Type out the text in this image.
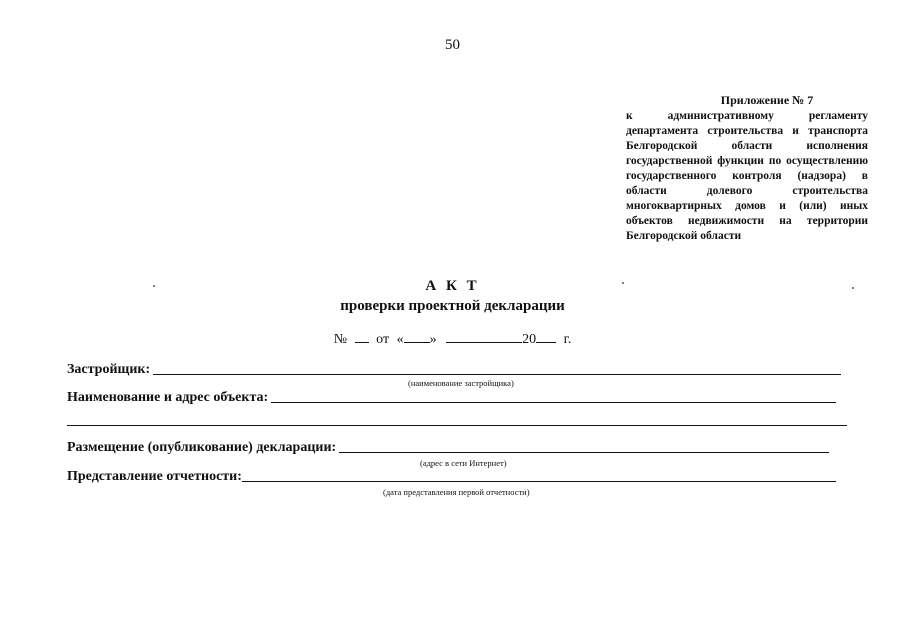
50
Приложение № 7
к административному регламенту департамента строительства и транспорта Белгородской области исполнения государственной функции по осуществлению государственного контроля (надзора) в области долевого строительства многоквартирных домов и (или) иных объектов недвижимости на территории Белгородской области
А К Т
проверки проектной декларации
№ от « »	20 г.
Застройщик:
(наименование застройщика)
Наименование и адрес объекта:
Размещение (опубликование) декларации:
(адрес в сети Интернет)
Представление отчетности:
(дата представления первой отчетности)
